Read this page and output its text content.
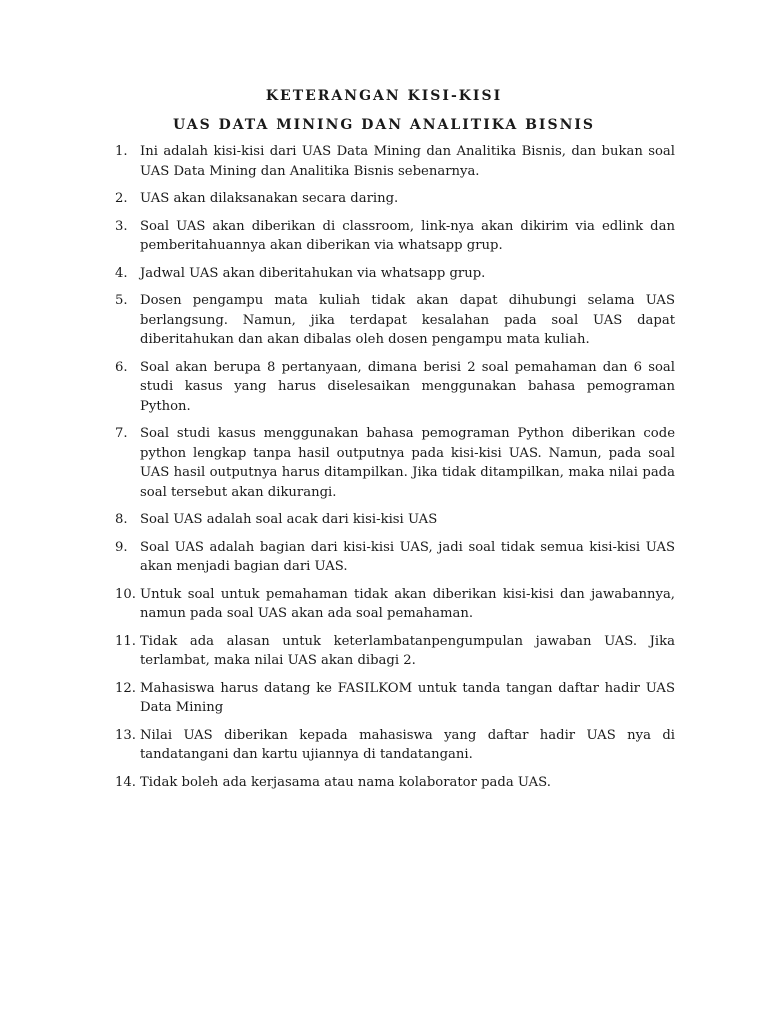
KETERANGAN KISI-KISI
UAS DATA MINING DAN ANALITIKA BISNIS
1. Ini adalah kisi-kisi dari UAS Data Mining dan Analitika Bisnis, dan bukan soal UAS Data Mining dan Analitika Bisnis sebenarnya.
2. UAS akan dilaksanakan secara daring.
3. Soal UAS akan diberikan di classroom, link-nya akan dikirim via edlink dan pemberitahuannya akan diberikan via whatsapp grup.
4. Jadwal UAS akan diberitahukan via whatsapp grup.
5. Dosen pengampu mata kuliah tidak akan dapat dihubungi selama UAS berlangsung. Namun, jika terdapat kesalahan pada soal UAS dapat diberitahukan dan akan dibalas oleh dosen pengampu mata kuliah.
6. Soal akan berupa 8 pertanyaan, dimana berisi 2 soal pemahaman dan 6 soal studi kasus yang harus diselesaikan menggunakan bahasa pemograman Python.
7. Soal studi kasus menggunakan bahasa pemograman Python diberikan code python lengkap tanpa hasil outputnya pada kisi-kisi UAS. Namun, pada soal UAS hasil outputnya harus ditampilkan. Jika tidak ditampilkan, maka nilai pada soal tersebut akan dikurangi.
8. Soal UAS adalah soal acak dari kisi-kisi UAS
9. Soal UAS adalah bagian dari kisi-kisi UAS, jadi soal tidak semua kisi-kisi UAS akan menjadi bagian dari UAS.
10. Untuk soal untuk pemahaman tidak akan diberikan kisi-kisi dan jawabannya, namun pada soal UAS akan ada soal pemahaman.
11. Tidak ada alasan untuk keterlambatanpengumpulan jawaban UAS. Jika terlambat, maka nilai UAS akan dibagi 2.
12. Mahasiswa harus datang ke FASILKOM untuk tanda tangan daftar hadir UAS Data Mining
13. Nilai UAS diberikan kepada mahasiswa yang daftar hadir UAS nya di tandatangani dan kartu ujiannya di tandatangani.
14. Tidak boleh ada kerjasama atau nama kolaborator pada UAS.
